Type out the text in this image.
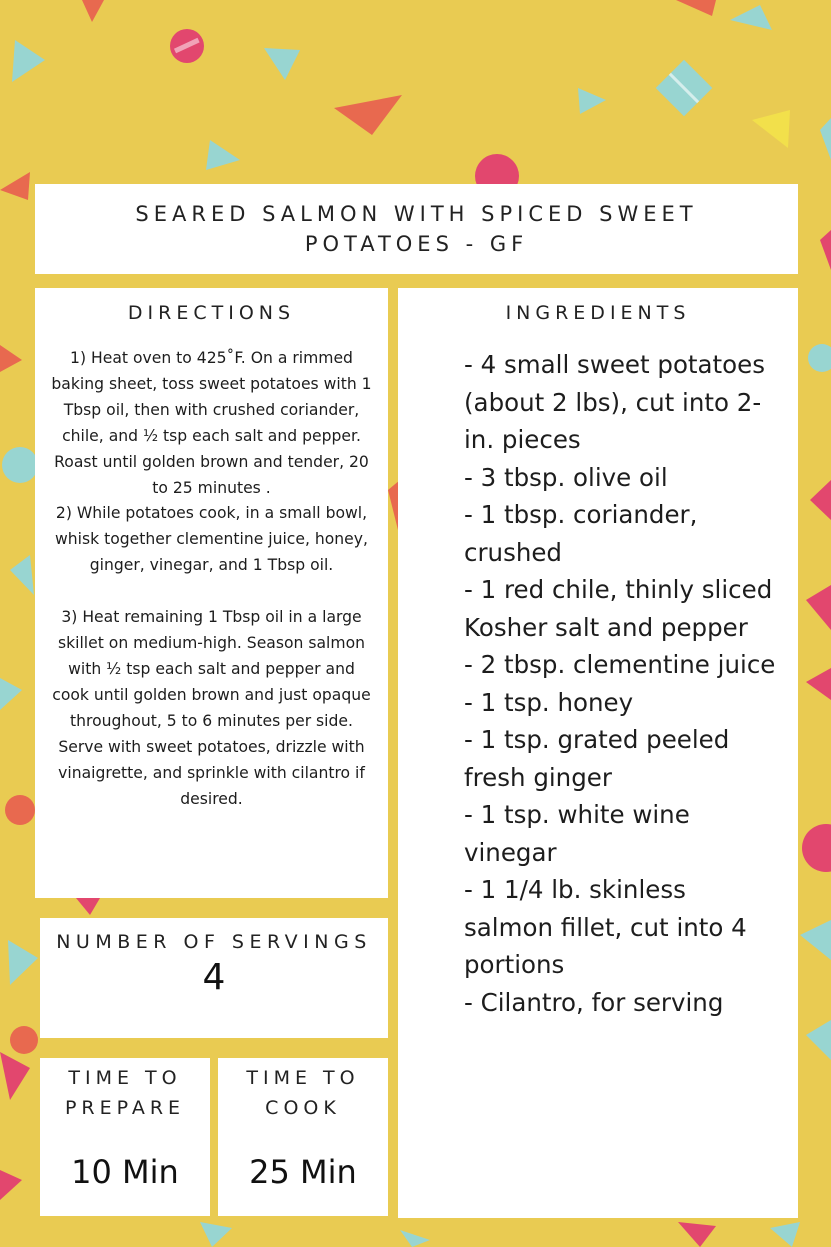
SEARED SALMON WITH SPICED SWEET POTATOES - GF
DIRECTIONS

1) Heat oven to 425˚F. On a rimmed baking sheet, toss sweet potatoes with 1 Tbsp oil, then with crushed coriander, chile, and ½ tsp each salt and pepper. Roast until golden brown and tender, 20 to 25 minutes .

2) While potatoes cook, in a small bowl, whisk together clementine juice, honey, ginger, vinegar, and 1 Tbsp oil.

3) Heat remaining 1 Tbsp oil in a large skillet on medium-high. Season salmon with ½ tsp each salt and pepper and cook until golden brown and just opaque throughout, 5 to 6 minutes per side. Serve with sweet potatoes, drizzle with vinaigrette, and sprinkle with cilantro if desired.

INGREDIENTS
- 4 small sweet potatoes (about 2 lbs), cut into 2-in. pieces
- 3 tbsp. olive oil
- 1 tbsp. coriander, crushed
- 1 red chile, thinly sliced
Kosher salt and pepper
- 2 tbsp. clementine juice
- 1 tsp. honey
- 1 tsp. grated peeled fresh ginger
- 1 tsp. white wine vinegar
- 1 1/4 lb. skinless salmon fillet, cut into 4 portions
- Cilantro, for serving
NUMBER OF SERVINGS
4
TIME TO PREPARE
10 Min
TIME TO COOK
25 Min
